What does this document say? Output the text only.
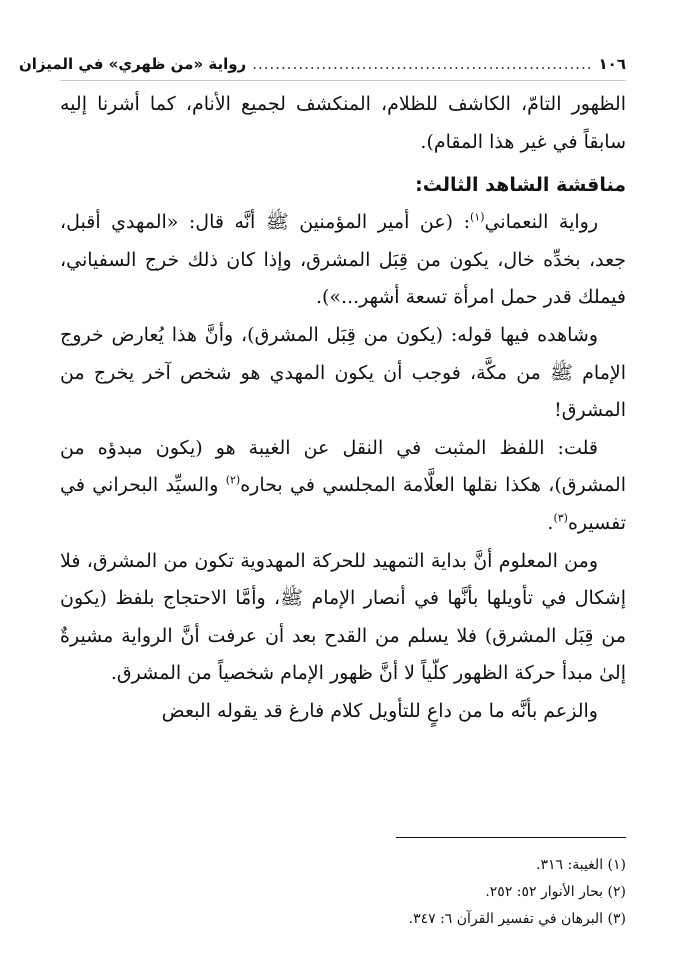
١٠٦
...........................................................
رواية «من ظهري» في الميزان

الظهور التامّ، الكاشف للظلام، المنكشف لجميع الأنام، كما أشرنا إليه سابقاً في غير هذا المقام).

مناقشة الشاهد الثالث:

رواية النعماني$^{(١)}$: (عن أمير المؤمنين ﷺ أنَّه قال: «المهدي أقبل، جعد، بخدِّه خال، يكون من قِبَل المشرق، وإذا كان ذلك خرج السفياني، فيملك قدر حمل امرأة تسعة أشهر...»).

وشاهده فيها قوله: (يكون من قِبَل المشرق)، وأنَّ هذا يُعارض خروج الإمام ﷺ من مكَّة، فوجب أن يكون المهدي هو شخص آخر يخرج من المشرق!

قلت: اللفظ المثبت في النقل عن الغيبة هو (يكون مبدؤه من المشرق)، هكذا نقلها العلَّامة المجلسي في بحاره$^{(٢)}$ والسيِّد البحراني في تفسيره$^{(٣)}$.

ومن المعلوم أنَّ بداية التمهيد للحركة المهدوية تكون من المشرق، فلا إشكال في تأويلها بأنَّها في أنصار الإمام ﷺ، وأمَّا الاحتجاج بلفظ (يكون من قِبَل المشرق) فلا يسلم من القدح بعد أن عرفت أنَّ الرواية مشيرةٌ إلىٰ مبدأ حركة الظهور كلّياً لا أنَّ ظهور الإمام شخصياً من المشرق.

والزعم بأنَّه ما من داعٍ للتأويل كلام فارغ قد يقوله البعض

(١) الغيبة: ٣١٦.
(٢) بحار الأنوار ٥٢: ٢٥٢.
(٣) البرهان في تفسير القرآن ٦: ٣٤٧.
